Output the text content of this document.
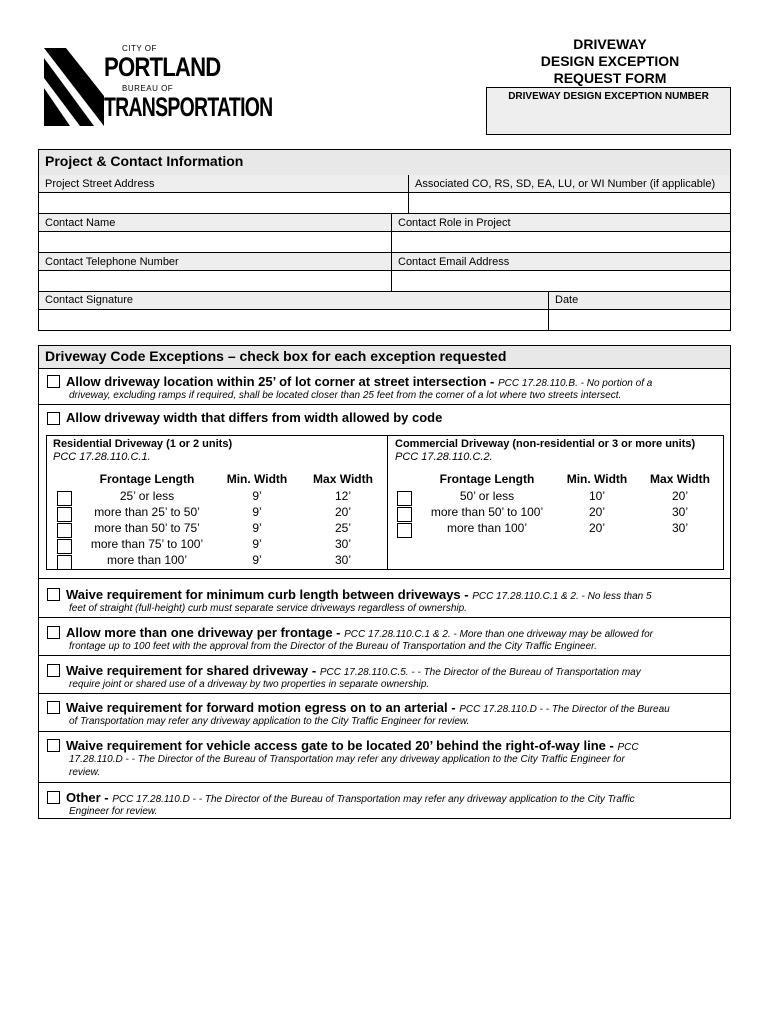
CITY OF
PORTLAND
BUREAU OF
TRANSPORTATION
DRIVEWAY
DESIGN EXCEPTION
REQUEST FORM
DRIVEWAY DESIGN EXCEPTION NUMBER
Project & Contact Information
Project Street Address	Associated CO, RS, SD, EA, LU, or WI Number (if applicable)
Contact Name	Contact Role in Project
Contact Telephone Number	Contact Email Address
Contact Signature	Date
Driveway Code Exceptions – check box for each exception requested
Allow driveway location within 25’ of lot corner at street intersection - PCC 17.28.110.B. - No portion of a
driveway, excluding ramps if required, shall be located closer than 25 feet from the corner of a lot where two streets intersect.
Allow driveway width that differs from width allowed by code
Residential Driveway (1 or 2 units)
PCC 17.28.110.C.1.
Frontage Length	Min. Width	Max Width
25’ or less	9’	12’
more than 25’ to 50’	9’	20’
more than 50’ to 75’	9’	25’
more than 75’ to 100’	9’	30’
more than 100’	9’	30’
Commercial Driveway (non-residential or 3 or more units)
PCC 17.28.110.C.2.
Frontage Length	Min. Width	Max Width
50’ or less	10’	20’
more than 50’ to 100’	20’	30’
more than 100’	20’	30’
Waive requirement for minimum curb length between driveways - PCC 17.28.110.C.1 & 2. - No less than 5
feet of straight (full-height) curb must separate service driveways regardless of ownership.
Allow more than one driveway per frontage - PCC 17.28.110.C.1 & 2. - More than one driveway may be allowed for
frontage up to 100 feet with the approval from the Director of the Bureau of Transportation and the City Traffic Engineer.
Waive requirement for shared driveway - PCC 17.28.110.C.5. - - The Director of the Bureau of Transportation may
require joint or shared use of a driveway by two properties in separate ownership.
Waive requirement for forward motion egress on to an arterial - PCC 17.28.110.D - - The Director of the Bureau
of Transportation may refer any driveway application to the City Traffic Engineer for review.
Waive requirement for vehicle access gate to be located 20’ behind the right-of-way line - PCC
17.28.110.D - - The Director of the Bureau of Transportation may refer any driveway application to the City Traffic Engineer for
review.
Other - PCC 17.28.110.D - - The Director of the Bureau of Transportation may refer any driveway application to the City Traffic
Engineer for review.
